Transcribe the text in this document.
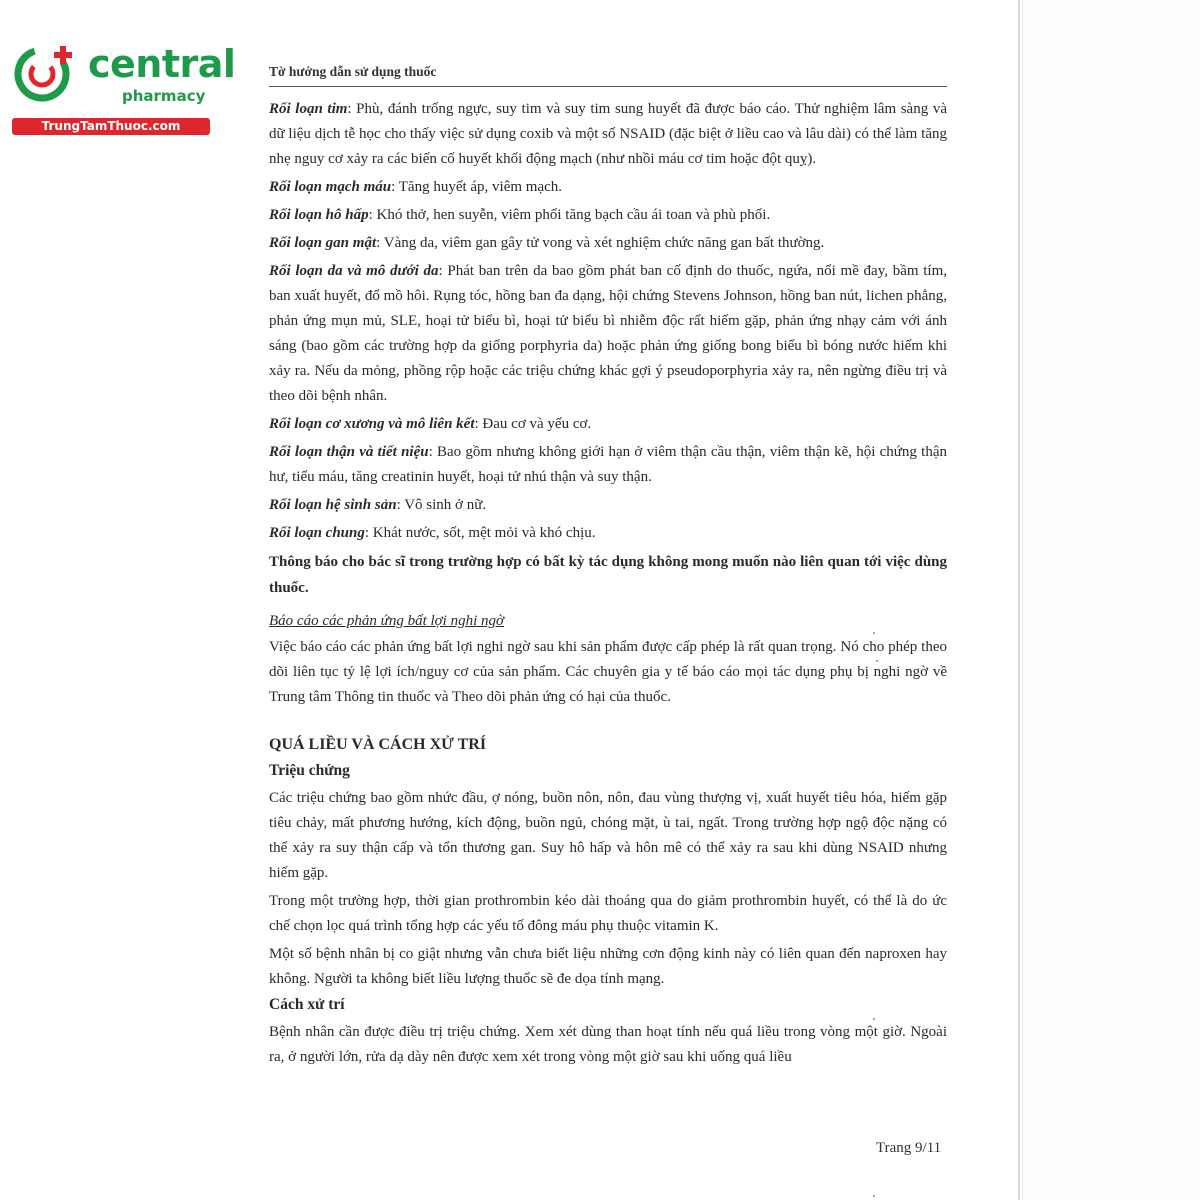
central
pharmacy
TrungTamThuoc.com
Tờ hướng dẫn sử dụng thuốc

Rối loạn tim: Phù, đánh trống ngực, suy tim và suy tim sung huyết đã được báo cáo. Thử nghiệm lâm sàng và dữ liệu dịch tễ học cho thấy việc sử dụng coxib và một số NSAID (đặc biệt ở liều cao và lâu dài) có thể làm tăng nhẹ nguy cơ xảy ra các biến cố huyết khối động mạch (như nhồi máu cơ tim hoặc đột quỵ).

Rối loạn mạch máu: Tăng huyết áp, viêm mạch.

Rối loạn hô hấp: Khó thở, hen suyễn, viêm phổi tăng bạch cầu ái toan và phù phổi.

Rối loạn gan mật: Vàng da, viêm gan gây tử vong và xét nghiệm chức năng gan bất thường.

Rối loạn da và mô dưới da: Phát ban trên da bao gồm phát ban cố định do thuốc, ngứa, nổi mề đay, bầm tím, ban xuất huyết, đổ mồ hôi. Rụng tóc, hồng ban đa dạng, hội chứng Stevens Johnson, hồng ban nút, lichen phẳng, phản ứng mụn mủ, SLE, hoại tử biểu bì, hoại tử biểu bì nhiễm độc rất hiếm gặp, phản ứng nhạy cảm với ánh sáng (bao gồm các trường hợp da giống porphyria da) hoặc phản ứng giống bong biểu bì bóng nước hiếm khi xảy ra. Nếu da mỏng, phồng rộp hoặc các triệu chứng khác gợi ý pseudoporphyria xảy ra, nên ngừng điều trị và theo dõi bệnh nhân.

Rối loạn cơ xương và mô liên kết: Đau cơ và yếu cơ.

Rối loạn thận và tiết niệu: Bao gồm nhưng không giới hạn ở viêm thận cầu thận, viêm thận kẽ, hội chứng thận hư, tiểu máu, tăng creatinin huyết, hoại tử nhú thận và suy thận.

Rối loạn hệ sinh sản: Vô sinh ở nữ.

Rối loạn chung: Khát nước, sốt, mệt mỏi và khó chịu.

Thông báo cho bác sĩ trong trường hợp có bất kỳ tác dụng không mong muốn nào liên quan tới việc dùng thuốc.
Báo cáo các phản ứng bất lợi nghi ngờ

Việc báo cáo các phản ứng bất lợi nghi ngờ sau khi sản phẩm được cấp phép là rất quan trọng. Nó cho phép theo dõi liên tục tỷ lệ lợi ích/nguy cơ của sản phẩm. Các chuyên gia y tế báo cáo mọi tác dụng phụ bị nghi ngờ về Trung tâm Thông tin thuốc và Theo dõi phản ứng có hại của thuốc.

QUÁ LIỀU VÀ CÁCH XỬ TRÍ
Triệu chứng

Các triệu chứng bao gồm nhức đầu, ợ nóng, buồn nôn, nôn, đau vùng thượng vị, xuất huyết tiêu hóa, hiếm gặp tiêu chảy, mất phương hướng, kích động, buồn ngủ, chóng mặt, ù tai, ngất. Trong trường hợp ngộ độc nặng có thể xảy ra suy thận cấp và tổn thương gan. Suy hô hấp và hôn mê có thể xảy ra sau khi dùng NSAID nhưng hiếm gặp.

Trong một trường hợp, thời gian prothrombin kéo dài thoáng qua do giảm prothrombin huyết, có thể là do ức chế chọn lọc quá trình tổng hợp các yếu tố đông máu phụ thuộc vitamin K.

Một số bệnh nhân bị co giật nhưng vẫn chưa biết liệu những cơn động kinh này có liên quan đến naproxen hay không. Người ta không biết liều lượng thuốc sẽ đe dọa tính mạng.

Cách xử trí

Bệnh nhân cần được điều trị triệu chứng. Xem xét dùng than hoạt tính nếu quá liều trong vòng một giờ. Ngoài ra, ở người lớn, rửa dạ dày nên được xem xét trong vòng một giờ sau khi uống quá liều

Trang 9/11
